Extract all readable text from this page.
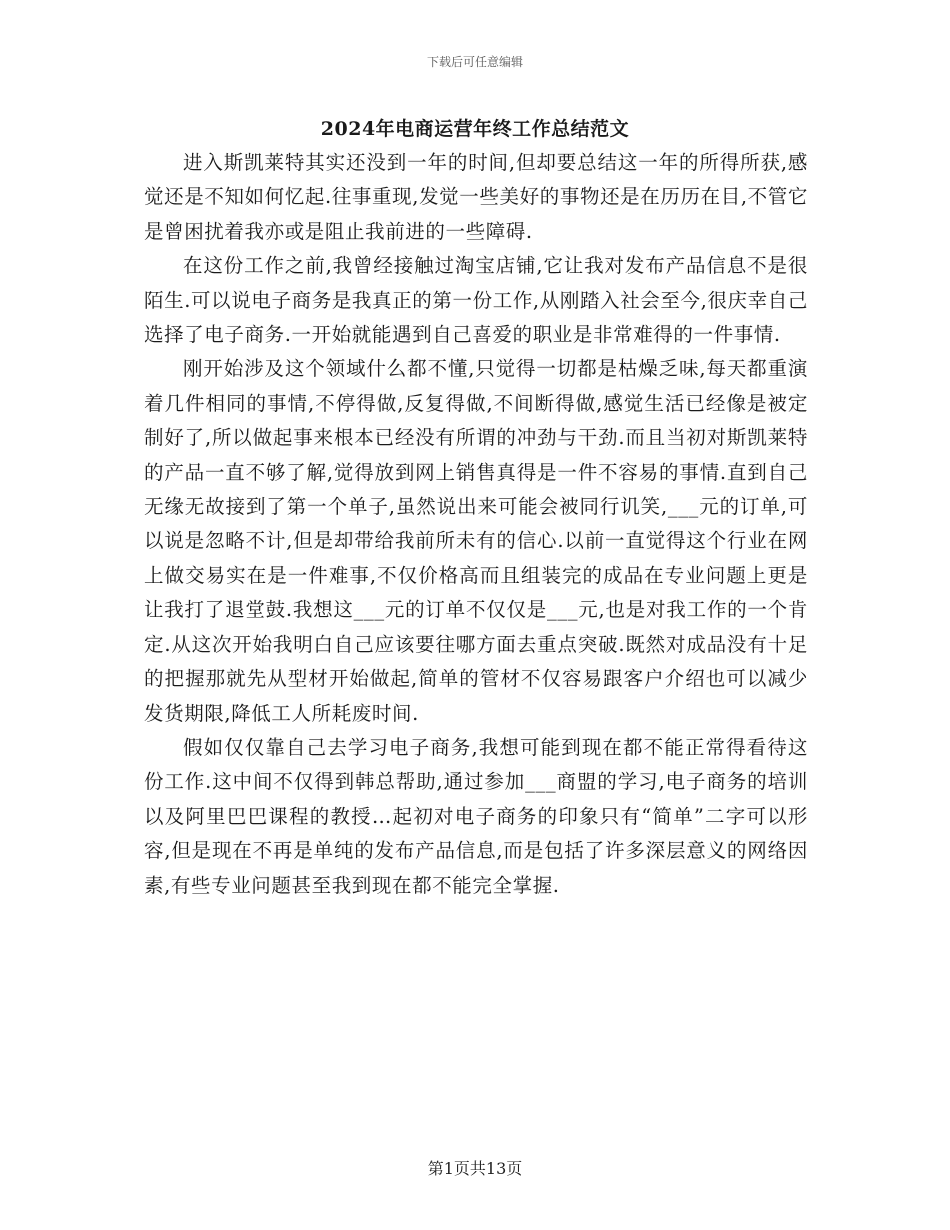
下载后可任意编辑
2024年电商运营年终工作总结范文

进入斯凯莱特其实还没到一年的时间,但却要总结这一年的所得所获,感觉还是不知如何忆起.往事重现,发觉一些美好的事物还是在历历在目,不管它是曾困扰着我亦或是阻止我前进的一些障碍.

在这份工作之前,我曾经接触过淘宝店铺,它让我对发布产品信息不是很陌生.可以说电子商务是我真正的第一份工作,从刚踏入社会至今,很庆幸自己选择了电子商务.一开始就能遇到自己喜爱的职业是非常难得的一件事情.

刚开始涉及这个领域什么都不懂,只觉得一切都是枯燥乏味,每天都重演着几件相同的事情,不停得做,反复得做,不间断得做,感觉生活已经像是被定制好了,所以做起事来根本已经没有所谓的冲劲与干劲.而且当初对斯凯莱特的产品一直不够了解,觉得放到网上销售真得是一件不容易的事情.直到自己无缘无故接到了第一个单子,虽然说出来可能会被同行讥笑,___元的订单,可以说是忽略不计,但是却带给我前所未有的信心.以前一直觉得这个行业在网上做交易实在是一件难事,不仅价格高而且组装完的成品在专业问题上更是让我打了退堂鼓.我想这___元的订单不仅仅是___元,也是对我工作的一个肯定.从这次开始我明白自己应该要往哪方面去重点突破.既然对成品没有十足的把握那就先从型材开始做起,简单的管材不仅容易跟客户介绍也可以减少发货期限,降低工人所耗废时间.

假如仅仅靠自己去学习电子商务,我想可能到现在都不能正常得看待这份工作.这中间不仅得到韩总帮助,通过参加___商盟的学习,电子商务的培训以及阿里巴巴课程的教授…起初对电子商务的印象只有“简单”二字可以形容,但是现在不再是单纯的发布产品信息,而是包括了许多深层意义的网络因素,有些专业问题甚至我到现在都不能完全掌握.

第1页共13页
